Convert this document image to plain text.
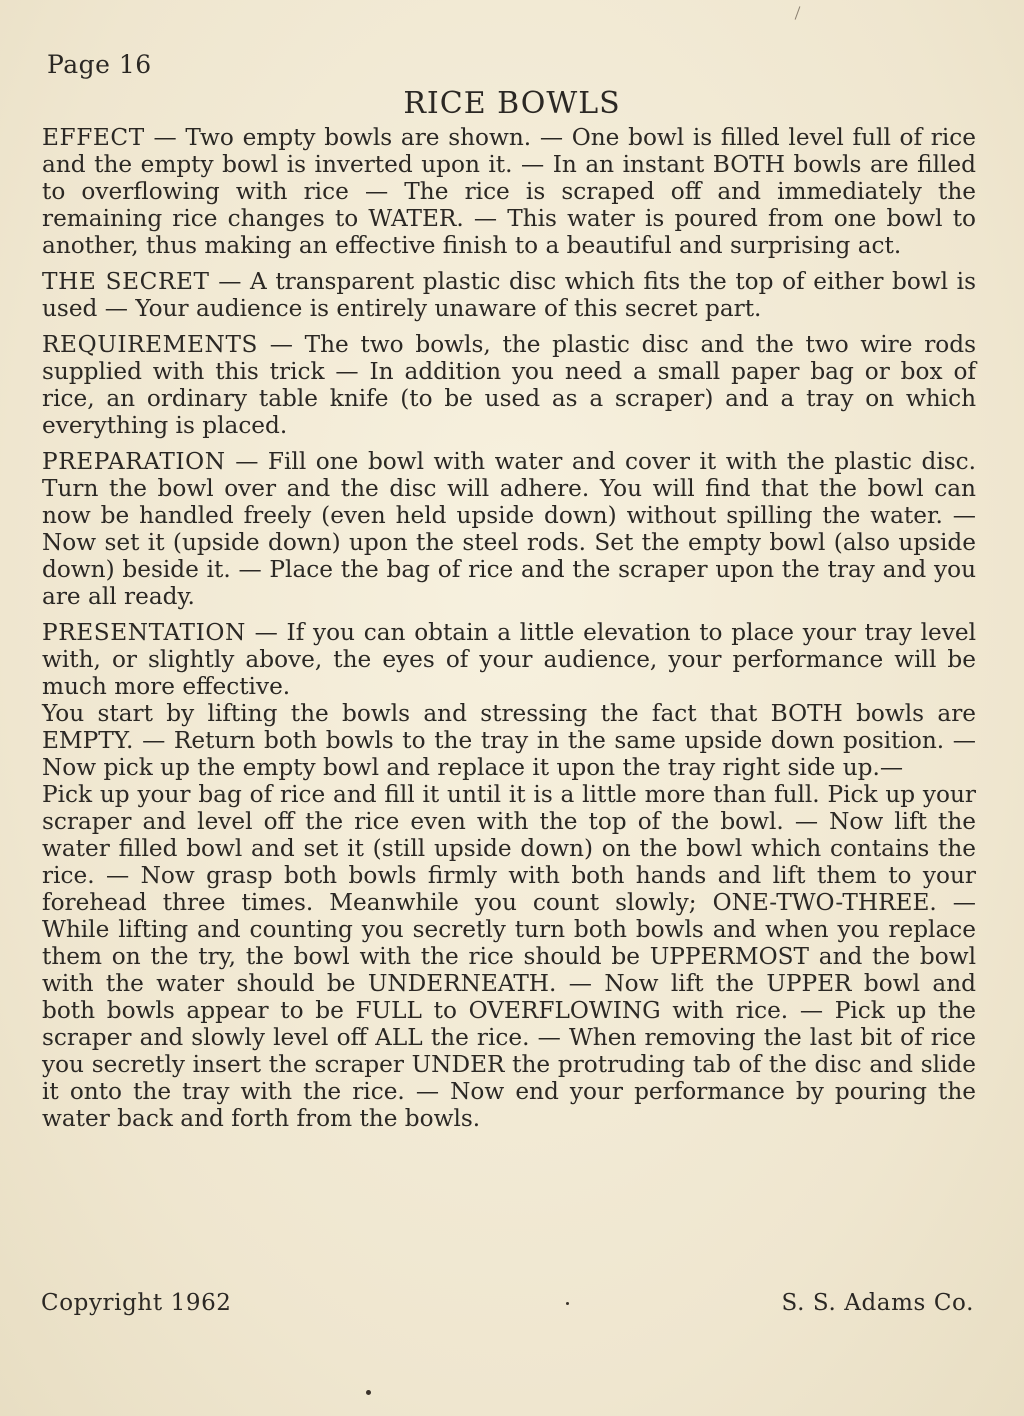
Page 16
RICE BOWLS

EFFECT — Two empty bowls are shown. — One bowl is filled level full of rice and the empty bowl is inverted upon it. — In an instant BOTH bowls are filled to overflowing with rice — The rice is scraped off and immediately the remaining rice changes to WATER. — This water is poured from one bowl to another, thus making an effective finish to a beautiful and surprising act.

THE SECRET — A transparent plastic disc which fits the top of either bowl is used — Your audience is entirely unaware of this secret part.

REQUIREMENTS — The two bowls, the plastic disc and the two wire rods supplied with this trick — In addition you need a small paper bag or box of rice, an ordinary table knife (to be used as a scraper) and a tray on which everything is placed.

PREPARATION — Fill one bowl with water and cover it with the plastic disc. Turn the bowl over and the disc will adhere. You will find that the bowl can now be handled freely (even held upside down) without spilling the water. — Now set it (upside down) upon the steel rods. Set the empty bowl (also upside down) beside it. — Place the bag of rice and the scraper upon the tray and you are all ready.

PRESENTATION — If you can obtain a little elevation to place your tray level with, or slightly above, the eyes of your audience, your performance will be much more effective.

You start by lifting the bowls and stressing the fact that BOTH bowls are EMPTY. — Return both bowls to the tray in the same upside down position. — Now pick up the empty bowl and replace it upon the tray right side up.—

Pick up your bag of rice and fill it until it is a little more than full. Pick up your scraper and level off the rice even with the top of the bowl. — Now lift the water filled bowl and set it (still upside down) on the bowl which contains the rice. — Now grasp both bowls firmly with both hands and lift them to your forehead three times. Meanwhile you count slowly; ONE-TWO-THREE. — While lifting and counting you secretly turn both bowls and when you replace them on the try, the bowl with the rice should be UPPERMOST and the bowl with the water should be UNDERNEATH. — Now lift the UPPER bowl and both bowls appear to be FULL to OVERFLOWING with rice. — Pick up the scraper and slowly level off ALL the rice. — When removing the last bit of rice you secretly insert the scraper UNDER the protruding tab of the disc and slide it onto the tray with the rice. — Now end your performance by pouring the water back and forth from the bowls.

Copyright 1962	S. S. Adams Co.
